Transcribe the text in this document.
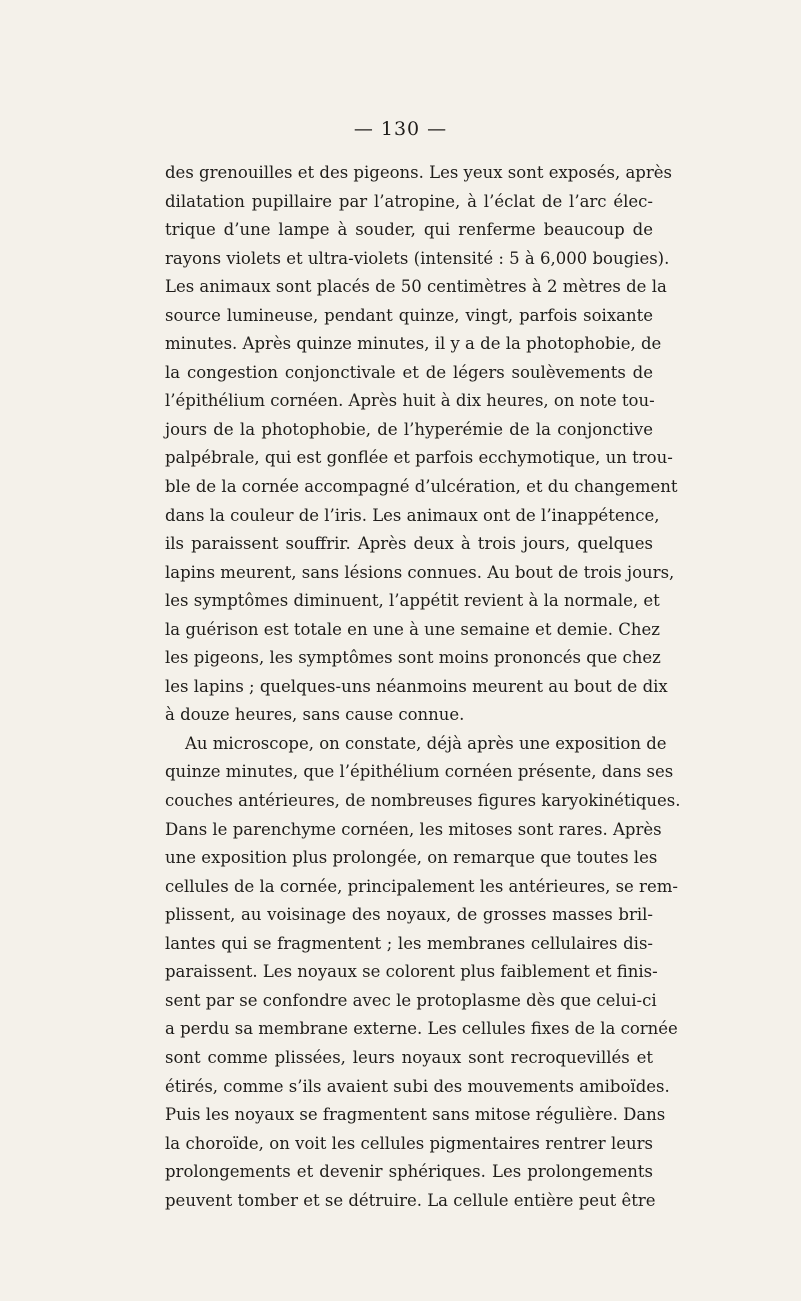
— 130 —
des grenouilles et des pigeons. Les yeux sont exposés, après
dilatation pupillaire par l’atropine, à l’éclat de l’arc élec-
trique d’une lampe à souder, qui renferme beaucoup de
rayons violets et ultra-violets (intensité : 5 à 6,000 bougies).
Les animaux sont placés de 50 centimètres à 2 mètres de la
source lumineuse, pendant quinze, vingt, parfois soixante
minutes. Après quinze minutes, il y a de la photophobie, de
la congestion conjonctivale et de légers soulèvements de
l’épithélium cornéen. Après huit à dix heures, on note tou-
jours de la photophobie, de l’hyperémie de la conjonctive
palpébrale, qui est gonflée et parfois ecchymotique, un trou-
ble de la cornée accompagné d’ulcération, et du changement
dans la couleur de l’iris. Les animaux ont de l’inappétence,
ils paraissent souffrir. Après deux à trois jours, quelques
lapins meurent, sans lésions connues. Au bout de trois jours,
les symptômes diminuent, l’appétit revient à la normale, et
la guérison est totale en une à une semaine et demie. Chez
les pigeons, les symptômes sont moins prononcés que chez
les lapins ; quelques-uns néanmoins meurent au bout de dix
à douze heures, sans cause connue.
Au microscope, on constate, déjà après une exposition de
quinze minutes, que l’épithélium cornéen présente, dans ses
couches antérieures, de nombreuses figures karyokinétiques.
Dans le parenchyme cornéen, les mitoses sont rares. Après
une exposition plus prolongée, on remarque que toutes les
cellules de la cornée, principalement les antérieures, se rem-
plissent, au voisinage des noyaux, de grosses masses bril-
lantes qui se fragmentent ; les membranes cellulaires dis-
paraissent. Les noyaux se colorent plus faiblement et finis-
sent par se confondre avec le protoplasme dès que celui-ci
a perdu sa membrane externe. Les cellules fixes de la cornée
sont comme plissées, leurs noyaux sont recroquevillés et
étirés, comme s’ils avaient subi des mouvements amiboïdes.
Puis les noyaux se fragmentent sans mitose régulière. Dans
la choroïde, on voit les cellules pigmentaires rentrer leurs
prolongements et devenir sphériques. Les prolongements
peuvent tomber et se détruire. La cellule entière peut être
